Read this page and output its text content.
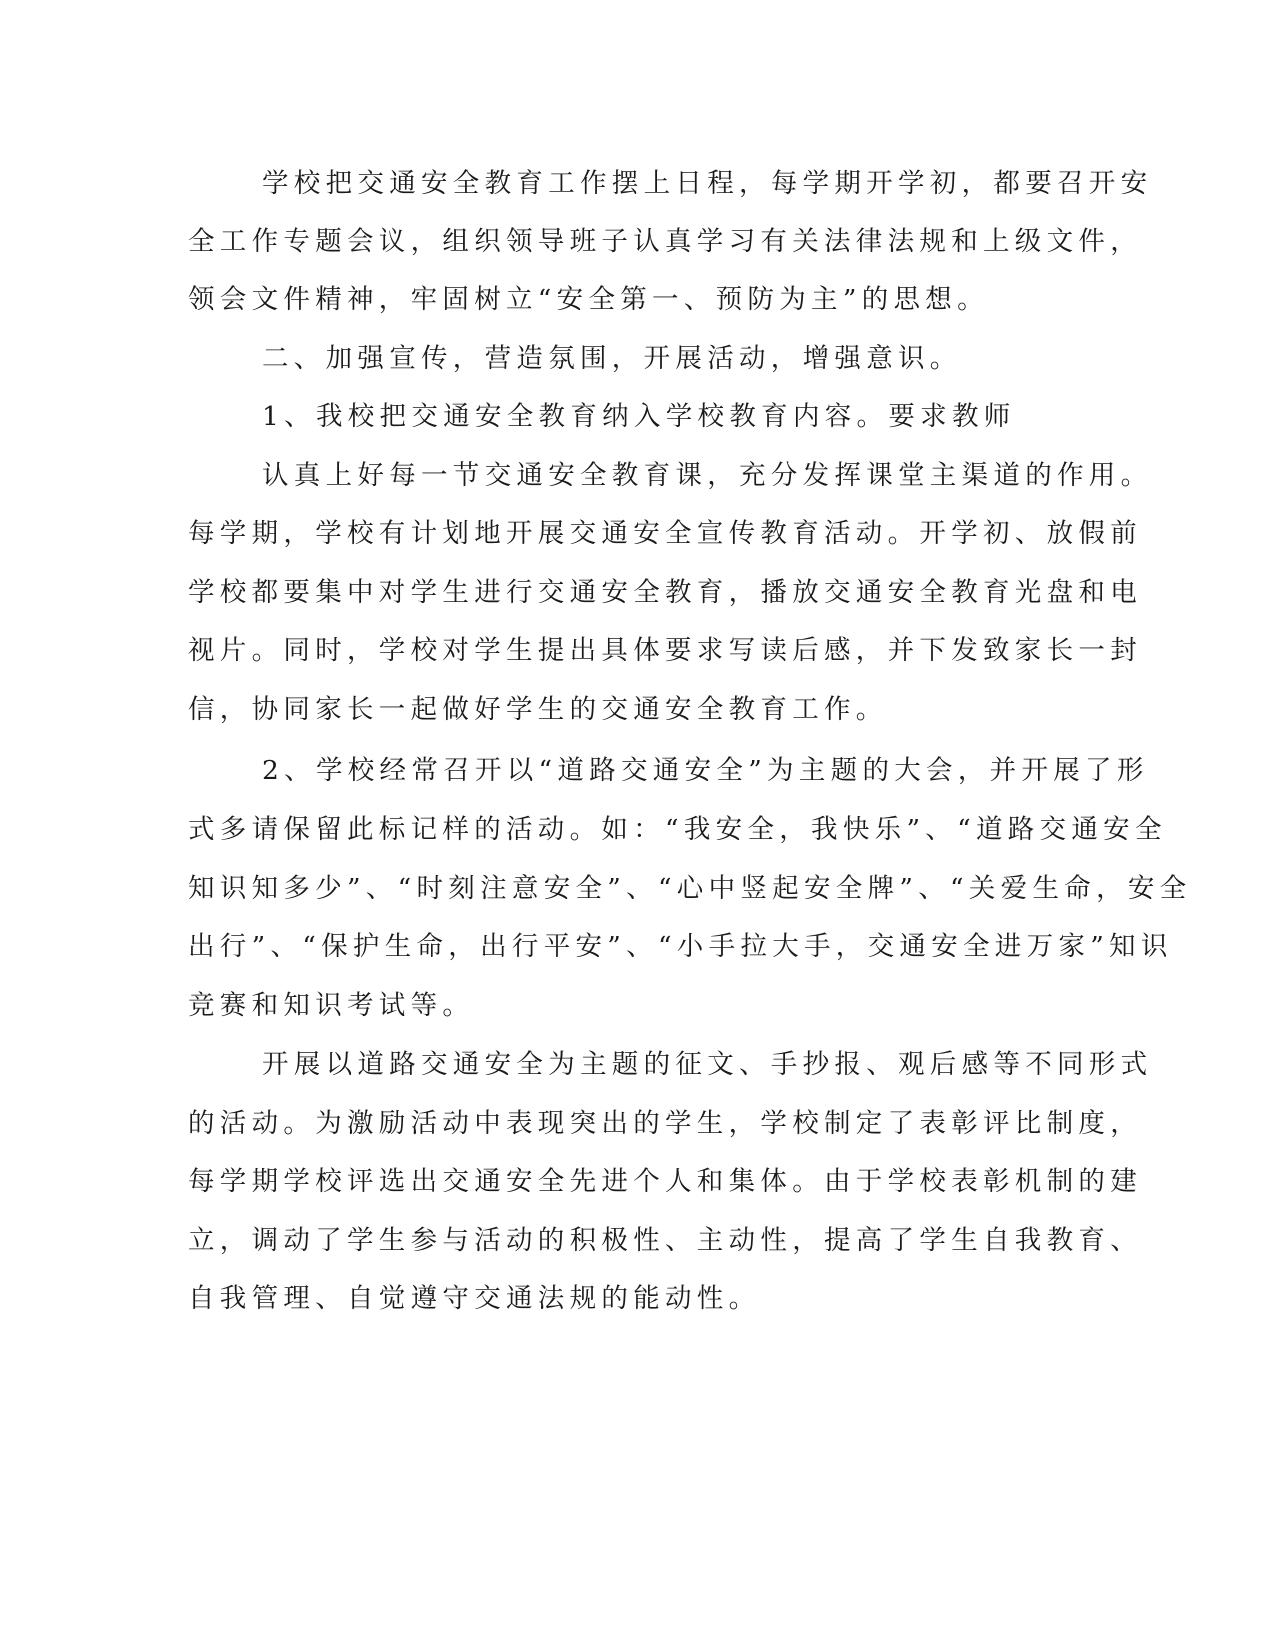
学校把交通安全教育工作摆上日程，每学期开学初，都要召开安
全工作专题会议，组织领导班子认真学习有关法律法规和上级文件，
领会文件精神，牢固树立“安全第一、预防为主”的思想。
二、加强宣传，营造氛围，开展活动，增强意识。
1、我校把交通安全教育纳入学校教育内容。要求教师
认真上好每一节交通安全教育课，充分发挥课堂主渠道的作用。
每学期，学校有计划地开展交通安全宣传教育活动。开学初、放假前
学校都要集中对学生进行交通安全教育，播放交通安全教育光盘和电
视片。同时，学校对学生提出具体要求写读后感，并下发致家长一封
信，协同家长一起做好学生的交通安全教育工作。
2、学校经常召开以“道路交通安全”为主题的大会，并开展了形
式多请保留此标记样的活动。如：“我安全，我快乐”、“道路交通安全
知识知多少”、“时刻注意安全”、“心中竖起安全牌”、“关爱生命，安全
出行”、“保护生命，出行平安”、“小手拉大手，交通安全进万家”知识
竞赛和知识考试等。
开展以道路交通安全为主题的征文、手抄报、观后感等不同形式
的活动。为激励活动中表现突出的学生，学校制定了表彰评比制度，
每学期学校评选出交通安全先进个人和集体。由于学校表彰机制的建
立，调动了学生参与活动的积极性、主动性，提高了学生自我教育、
自我管理、自觉遵守交通法规的能动性。
